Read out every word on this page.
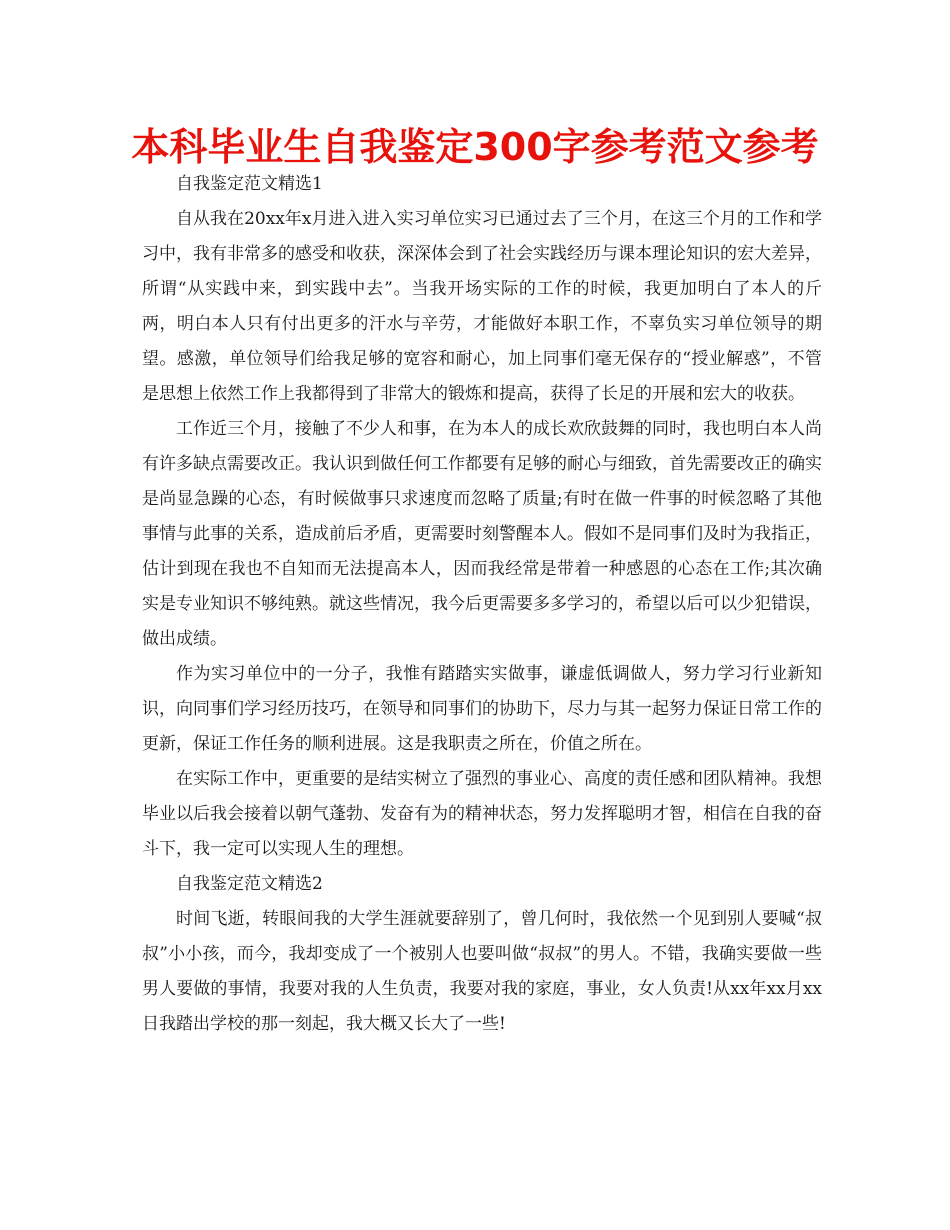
本科毕业生自我鉴定300字参考范文参考

自我鉴定范文精选1

自从我在20xx年x月进入进入实习单位实习已通过去了三个月，在这三个月的工作和学习中，我有非常多的感受和收获，深深体会到了社会实践经历与课本理论知识的宏大差异，所谓“从实践中来，到实践中去”。当我开场实际的工作的时候，我更加明白了本人的斤两，明白本人只有付出更多的汗水与辛劳，才能做好本职工作，不辜负实习单位领导的期望。感激，单位领导们给我足够的宽容和耐心，加上同事们毫无保存的“授业解惑”，不管是思想上依然工作上我都得到了非常大的锻炼和提高，获得了长足的开展和宏大的收获。

工作近三个月，接触了不少人和事，在为本人的成长欢欣鼓舞的同时，我也明白本人尚有许多缺点需要改正。我认识到做任何工作都要有足够的耐心与细致，首先需要改正的确实是尚显急躁的心态，有时候做事只求速度而忽略了质量;有时在做一件事的时候忽略了其他事情与此事的关系，造成前后矛盾，更需要时刻警醒本人。假如不是同事们及时为我指正，估计到现在我也不自知而无法提高本人，因而我经常是带着一种感恩的心态在工作;其次确实是专业知识不够纯熟。就这些情况，我今后更需要多多学习的，希望以后可以少犯错误，做出成绩。

作为实习单位中的一分子，我惟有踏踏实实做事，谦虚低调做人，努力学习行业新知识，向同事们学习经历技巧，在领导和同事们的协助下，尽力与其一起努力保证日常工作的更新，保证工作任务的顺利进展。这是我职责之所在，价值之所在。

在实际工作中，更重要的是结实树立了强烈的事业心、高度的责任感和团队精神。我想毕业以后我会接着以朝气蓬勃、发奋有为的精神状态，努力发挥聪明才智，相信在自我的奋斗下，我一定可以实现人生的理想。

自我鉴定范文精选2

时间飞逝，转眼间我的大学生涯就要辞别了，曾几何时，我依然一个见到别人要喊“叔叔”小小孩，而今，我却变成了一个被别人也要叫做“叔叔”的男人。不错，我确实要做一些男人要做的事情，我要对我的人生负责，我要对我的家庭，事业，女人负责!从xx年xx月xx日我踏出学校的那一刻起，我大概又长大了一些!
